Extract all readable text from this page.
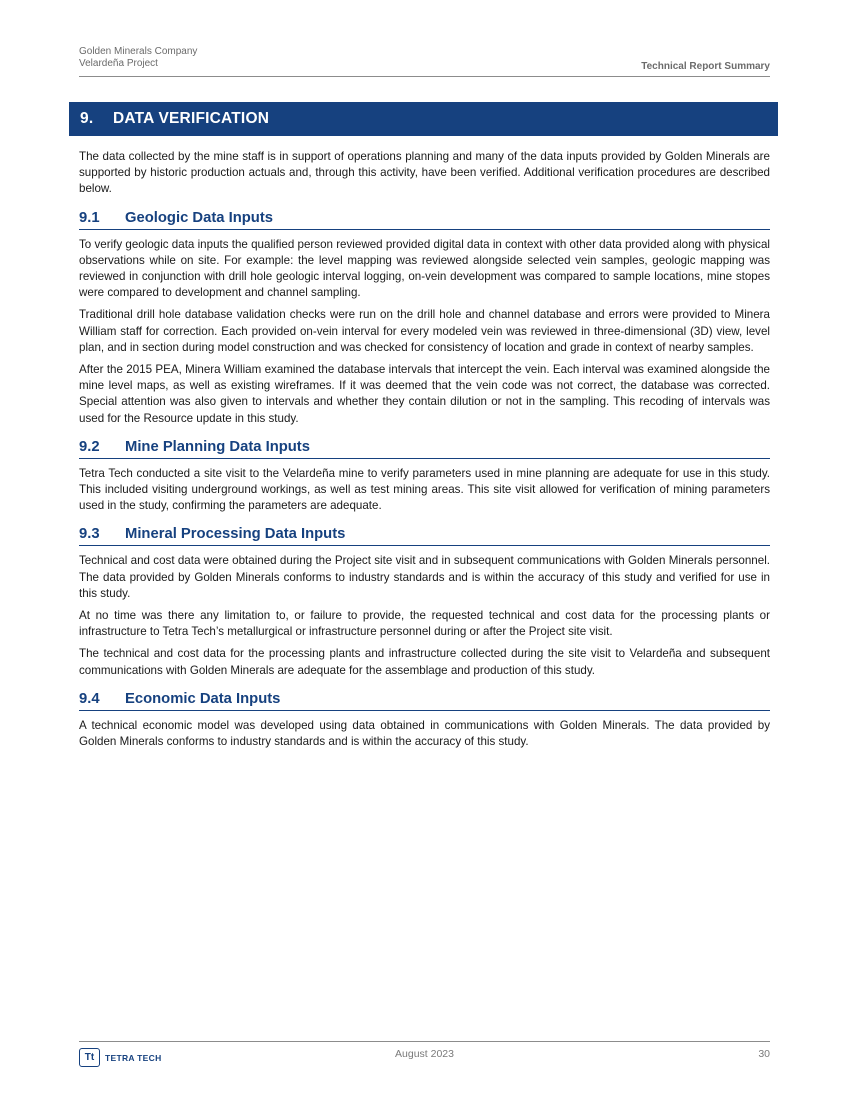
Golden Minerals Company
Velardeña Project	Technical Report Summary
9. DATA VERIFICATION

The data collected by the mine staff is in support of operations planning and many of the data inputs provided by Golden Minerals are supported by historic production actuals and, through this activity, have been verified. Additional verification procedures are described below.

9.1 Geologic Data Inputs

To verify geologic data inputs the qualified person reviewed provided digital data in context with other data provided along with physical observations while on site. For example: the level mapping was reviewed alongside selected vein samples, geologic mapping was reviewed in conjunction with drill hole geologic interval logging, on-vein development was compared to sample locations, mine stopes were compared to development and channel sampling.

Traditional drill hole database validation checks were run on the drill hole and channel database and errors were provided to Minera William staff for correction. Each provided on-vein interval for every modeled vein was reviewed in three-dimensional (3D) view, level plan, and in section during model construction and was checked for consistency of location and grade in context of nearby samples.

After the 2015 PEA, Minera William examined the database intervals that intercept the vein. Each interval was examined alongside the mine level maps, as well as existing wireframes. If it was deemed that the vein code was not correct, the database was corrected. Special attention was also given to intervals and whether they contain dilution or not in the sampling. This recoding of intervals was used for the Resource update in this study.

9.2 Mine Planning Data Inputs

Tetra Tech conducted a site visit to the Velardeña mine to verify parameters used in mine planning are adequate for use in this study. This included visiting underground workings, as well as test mining areas. This site visit allowed for verification of mining parameters used in the study, confirming the parameters are adequate.

9.3 Mineral Processing Data Inputs

Technical and cost data were obtained during the Project site visit and in subsequent communications with Golden Minerals personnel. The data provided by Golden Minerals conforms to industry standards and is within the accuracy of this study and verified for use in this study.

At no time was there any limitation to, or failure to provide, the requested technical and cost data for the processing plants or infrastructure to Tetra Tech’s metallurgical or infrastructure personnel during or after the Project site visit.

The technical and cost data for the processing plants and infrastructure collected during the site visit to Velardeña and subsequent communications with Golden Minerals are adequate for the assemblage and production of this study.

9.4 Economic Data Inputs

A technical economic model was developed using data obtained in communications with Golden Minerals. The data provided by Golden Minerals conforms to industry standards and is within the accuracy of this study.

Tt	TETRA TECH	August 2023	30
